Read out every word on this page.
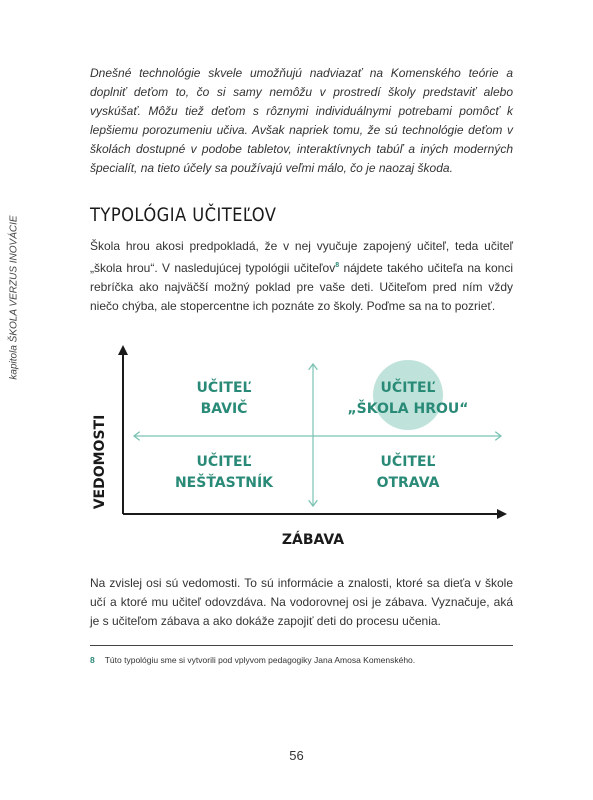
kapitola ŠKOLA VERZUS INOVÁCIE

Dnešné technológie skvele umožňujú nadviazať na Komenského teórie a doplniť deťom to, čo si samy nemôžu v prostredí školy predstaviť alebo vyskúšať. Môžu tiež deťom s rôznymi individuálnymi potrebami pomôcť k lepšiemu porozumeniu učiva. Avšak napriek tomu, že sú technológie deťom v školách dostupné v podobe tabletov, interaktívnych tabúľ a iných moderných špecialít, na tieto účely sa používajú veľmi málo, čo je naozaj škoda.

TYPOLÓGIA UČITEĽOV

Škola hrou akosi predpokladá, že v nej vyučuje zapojený učiteľ, teda učiteľ „škola hrou“. V nasledujúcej typológii učiteľov$^8$ nájdete takého učiteľa na konci rebríčka ako najväčší možný poklad pre vaše deti. Učiteľom pred ním vždy niečo chýba, ale stopercentne ich poznáte zo školy. Poďme sa na to pozrieť.

VEDOMOSTI
ZÁBAVA
UČITEĽ
BAVIČ
UČITEĽ
„ŠKOLA HROU“
UČITEĽ
NEŠŤASTNÍK
UČITEĽ
OTRAVA

Na zvislej osi sú vedomosti. To sú informácie a znalosti, ktoré sa dieťa v škole učí a ktoré mu učiteľ odovzdáva. Na vodorovnej osi je zábava. Vyznačuje, aká je s učiteľom zábava a ako dokáže zapojiť deti do procesu učenia.

8 Túto typológiu sme si vytvorili pod vplyvom pedagogiky Jana Amosa Komenského.
56
